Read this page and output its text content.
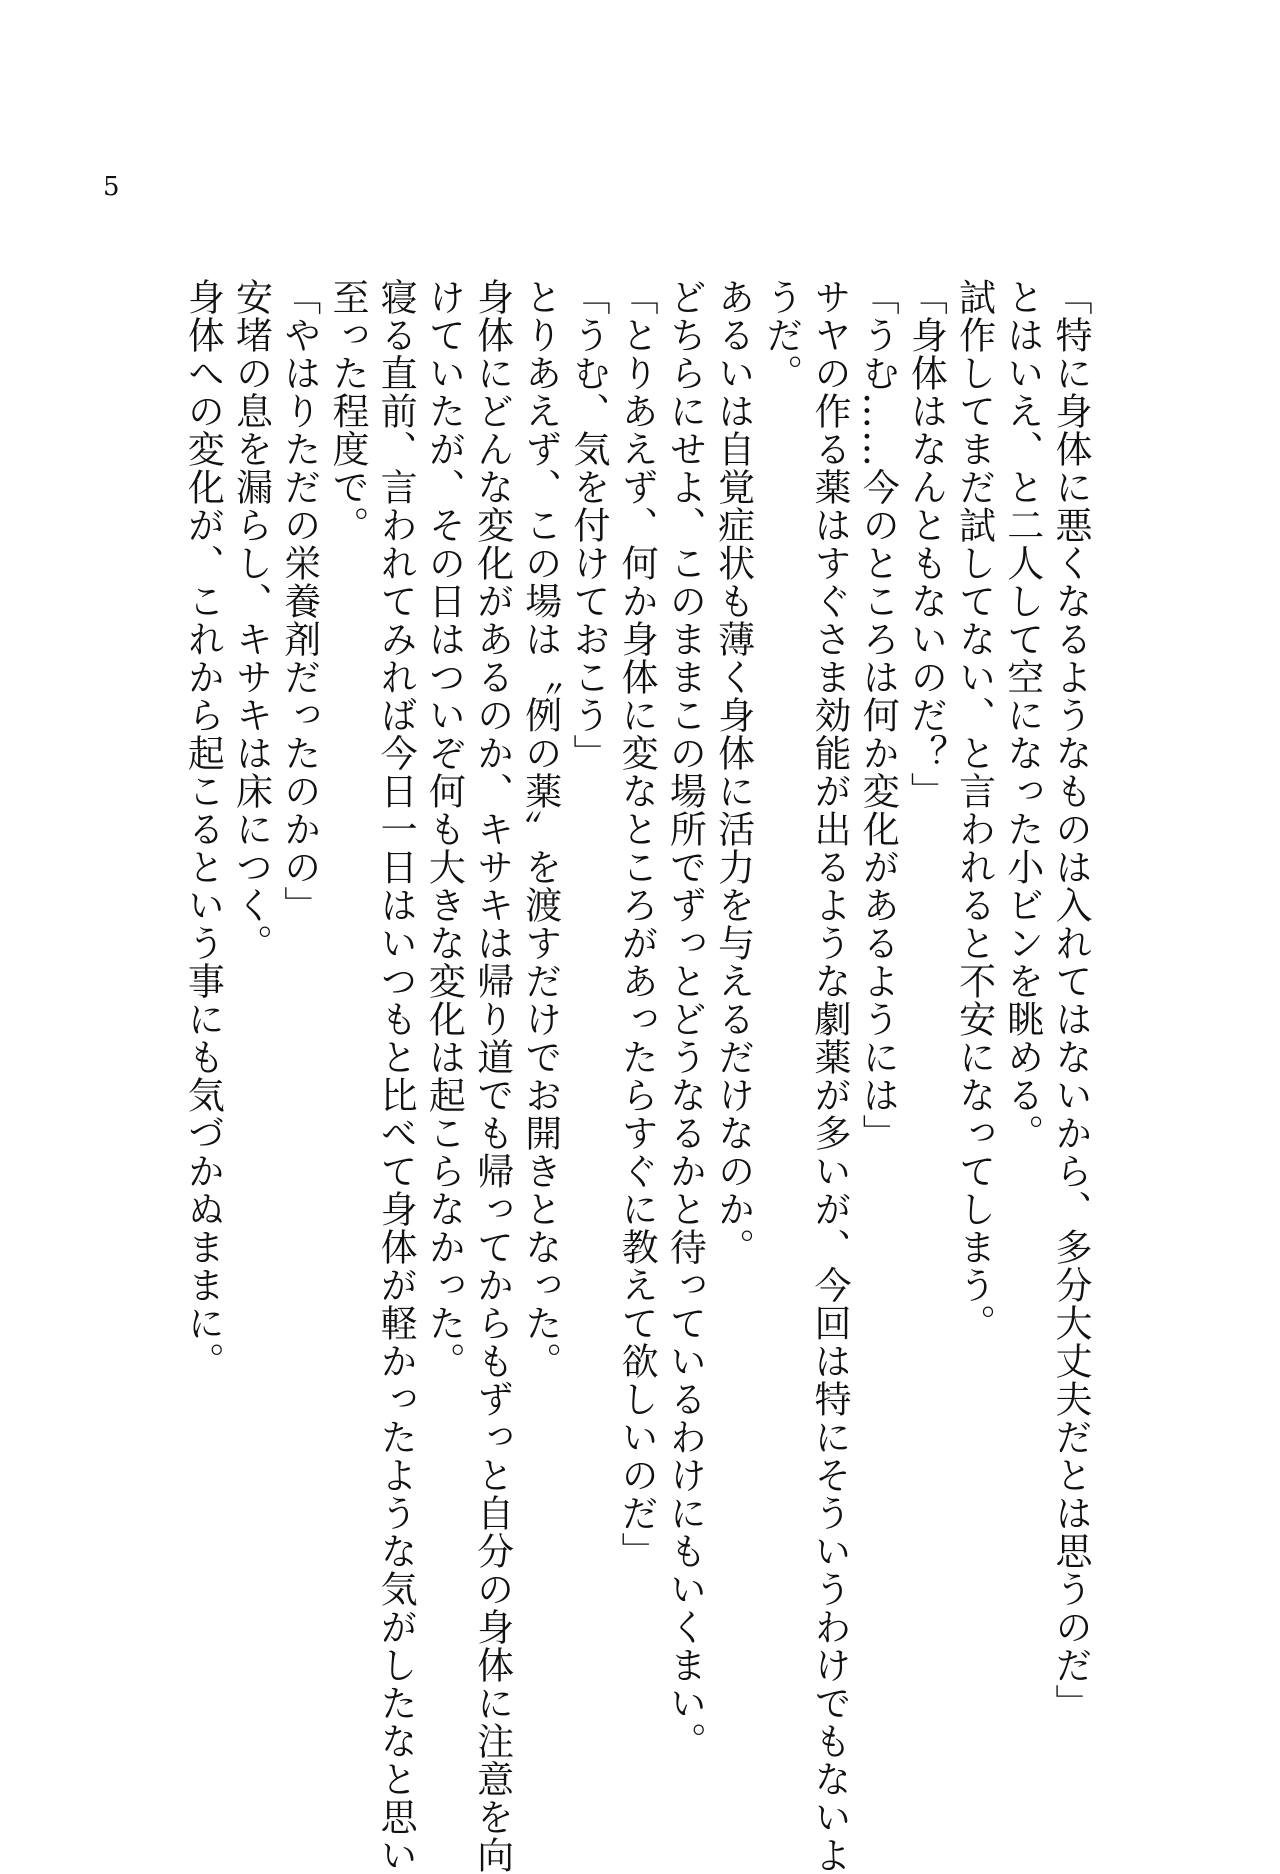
5
「特に身体に悪くなるようなものは入れてはないから、多分大丈夫だとは思うのだ」
とはいえ、と二人して空になった小ビンを眺める。
試作してまだ試してない、と言われると不安になってしまう。
「身体はなんともないのだ？」
「うむ……今のところは何か変化があるようには」
サヤの作る薬はすぐさま効能が出るような劇薬が多いが、今回は特にそういうわけでもないよ
うだ。
あるいは自覚症状も薄く身体に活力を与えるだけなのか。
どちらにせよ、このままこの場所でずっとどうなるかと待っているわけにもいくまい。
「とりあえず、何か身体に変なところがあったらすぐに教えて欲しいのだ」
「うむ、気を付けておこう」
とりあえず、この場は〝例の薬〟を渡すだけでお開きとなった。
身体にどんな変化があるのか、キサキは帰り道でも帰ってからもずっと自分の身体に注意を向
けていたが、その日はついぞ何も大きな変化は起こらなかった。
寝る直前、言われてみれば今日一日はいつもと比べて身体が軽かったような気がしたなと思い
至った程度で。
「やはりただの栄養剤だったのかの」
安堵の息を漏らし、キサキは床につく。
身体への変化が、これから起こるという事にも気づかぬままに。
